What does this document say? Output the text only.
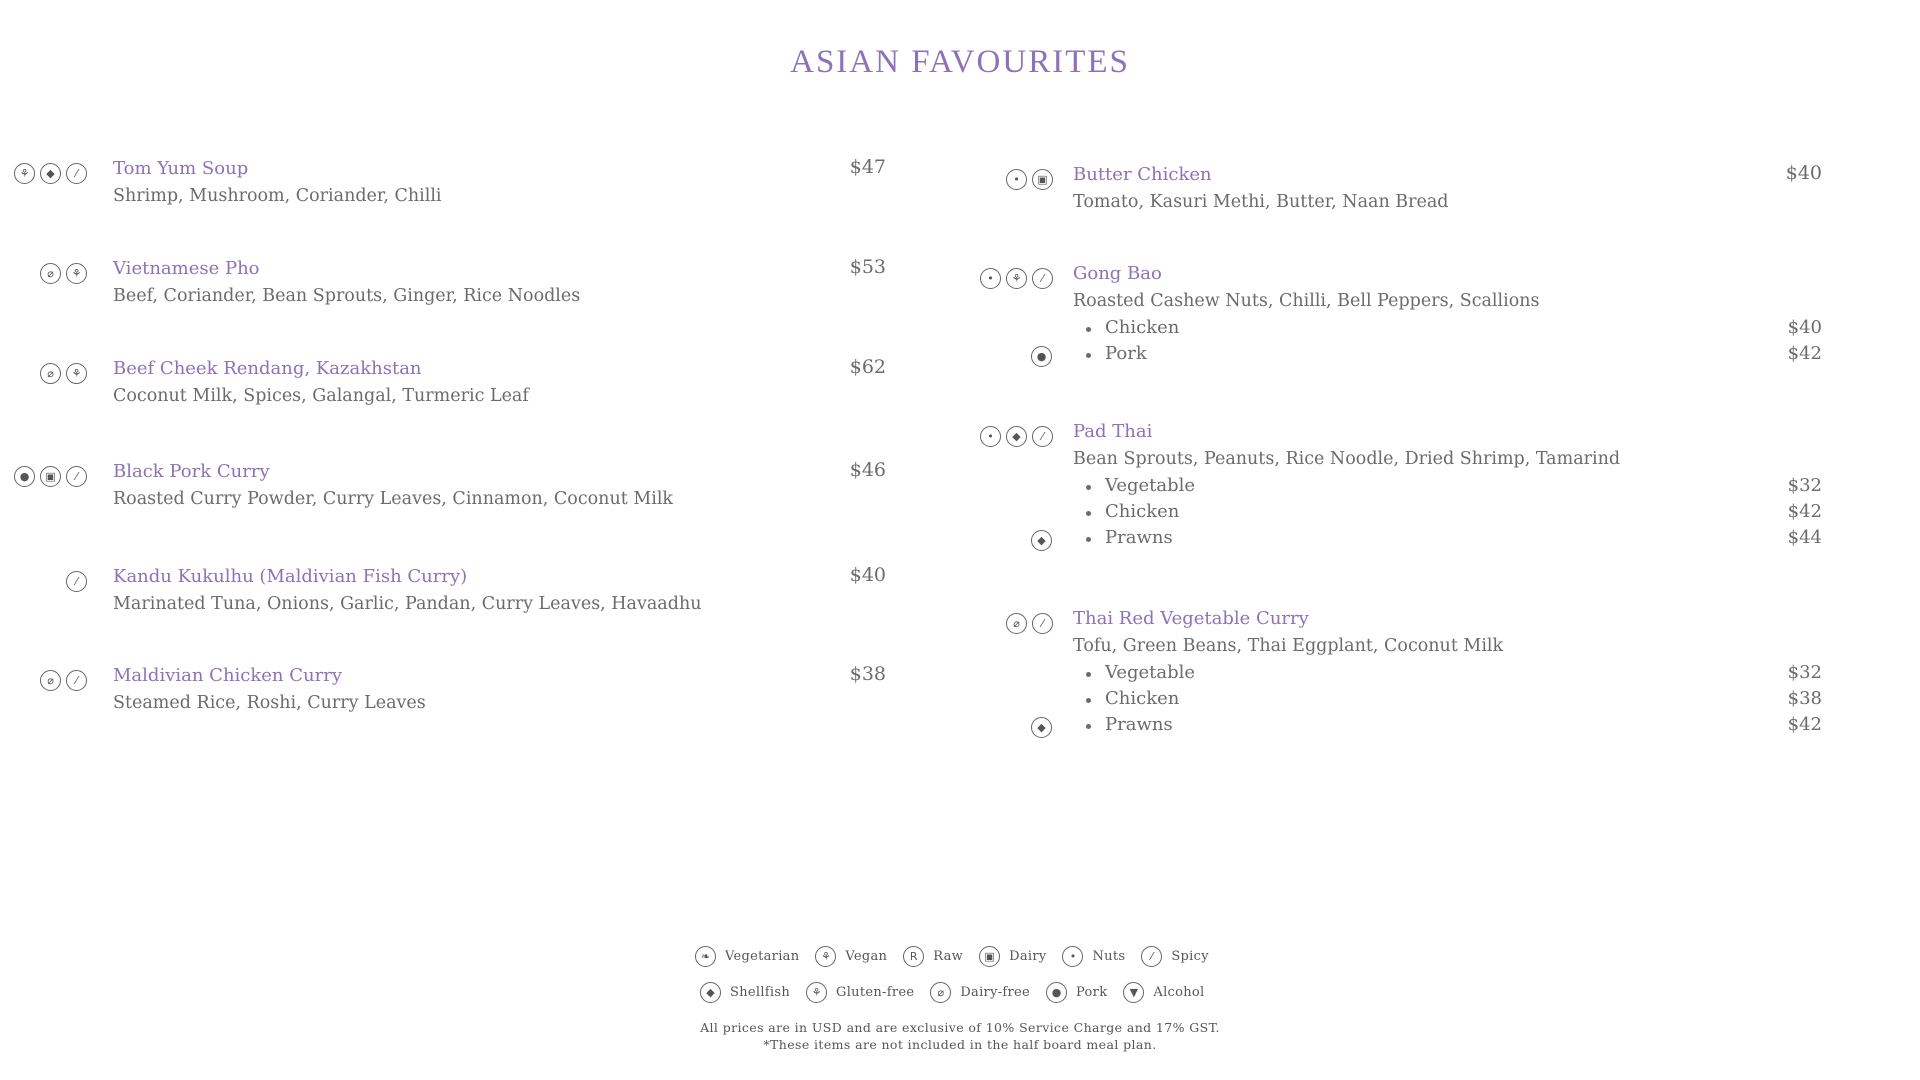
ASIAN FAVOURITES
⚘	◆	⁄	Tom Yum Soup	$47
Shrimp, Mushroom, Coriander, Chilli
⌀	⚘	Vietnamese Pho	$53
Beef, Coriander, Bean Sprouts, Ginger, Rice Noodles
⌀	⚘	Beef Cheek Rendang, Kazakhstan	$62
Coconut Milk, Spices, Galangal, Turmeric Leaf
●	▣	⁄	Black Pork Curry	$46
Roasted Curry Powder, Curry Leaves, Cinnamon, Coconut Milk
⁄	Kandu Kukulhu (Maldivian Fish Curry)	$40
Marinated Tuna, Onions, Garlic, Pandan, Curry Leaves, Havaadhu
⌀	⁄	Maldivian Chicken Curry	$38
Steamed Rice, Roshi, Curry Leaves
•	▣ Butter Chicken	$40
Tomato, Kasuri Methi, Butter, Naan Bread
•	⚘	⁄	Gong Bao
Roasted Cashew Nuts, Chilli, Bell Peppers, Scallions
Chicken	$40
Pork	$42
●
•	◆	⁄	Pad Thai
Bean Sprouts, Peanuts, Rice Noodle, Dried Shrimp, Tamarind
Vegetable	$32
Chicken	$42
Prawns	$44
◆
⌀	⁄	Thai Red Vegetable Curry
Tofu, Green Beans, Thai Eggplant, Coconut Milk
Vegetable	$32
Chicken	$38
Prawns	$42
◆
❧	Vegetarian	⚘	Vegan	R	Raw	▣	Dairy	•	Nuts	⁄	Spicy
◆	Shellfish	⚘	Gluten-free	⌀	Dairy-free	●	Pork	▼	Alcohol
All prices are in USD and are exclusive of 10% Service Charge and 17% GST.
*These items are not included in the half board meal plan.
